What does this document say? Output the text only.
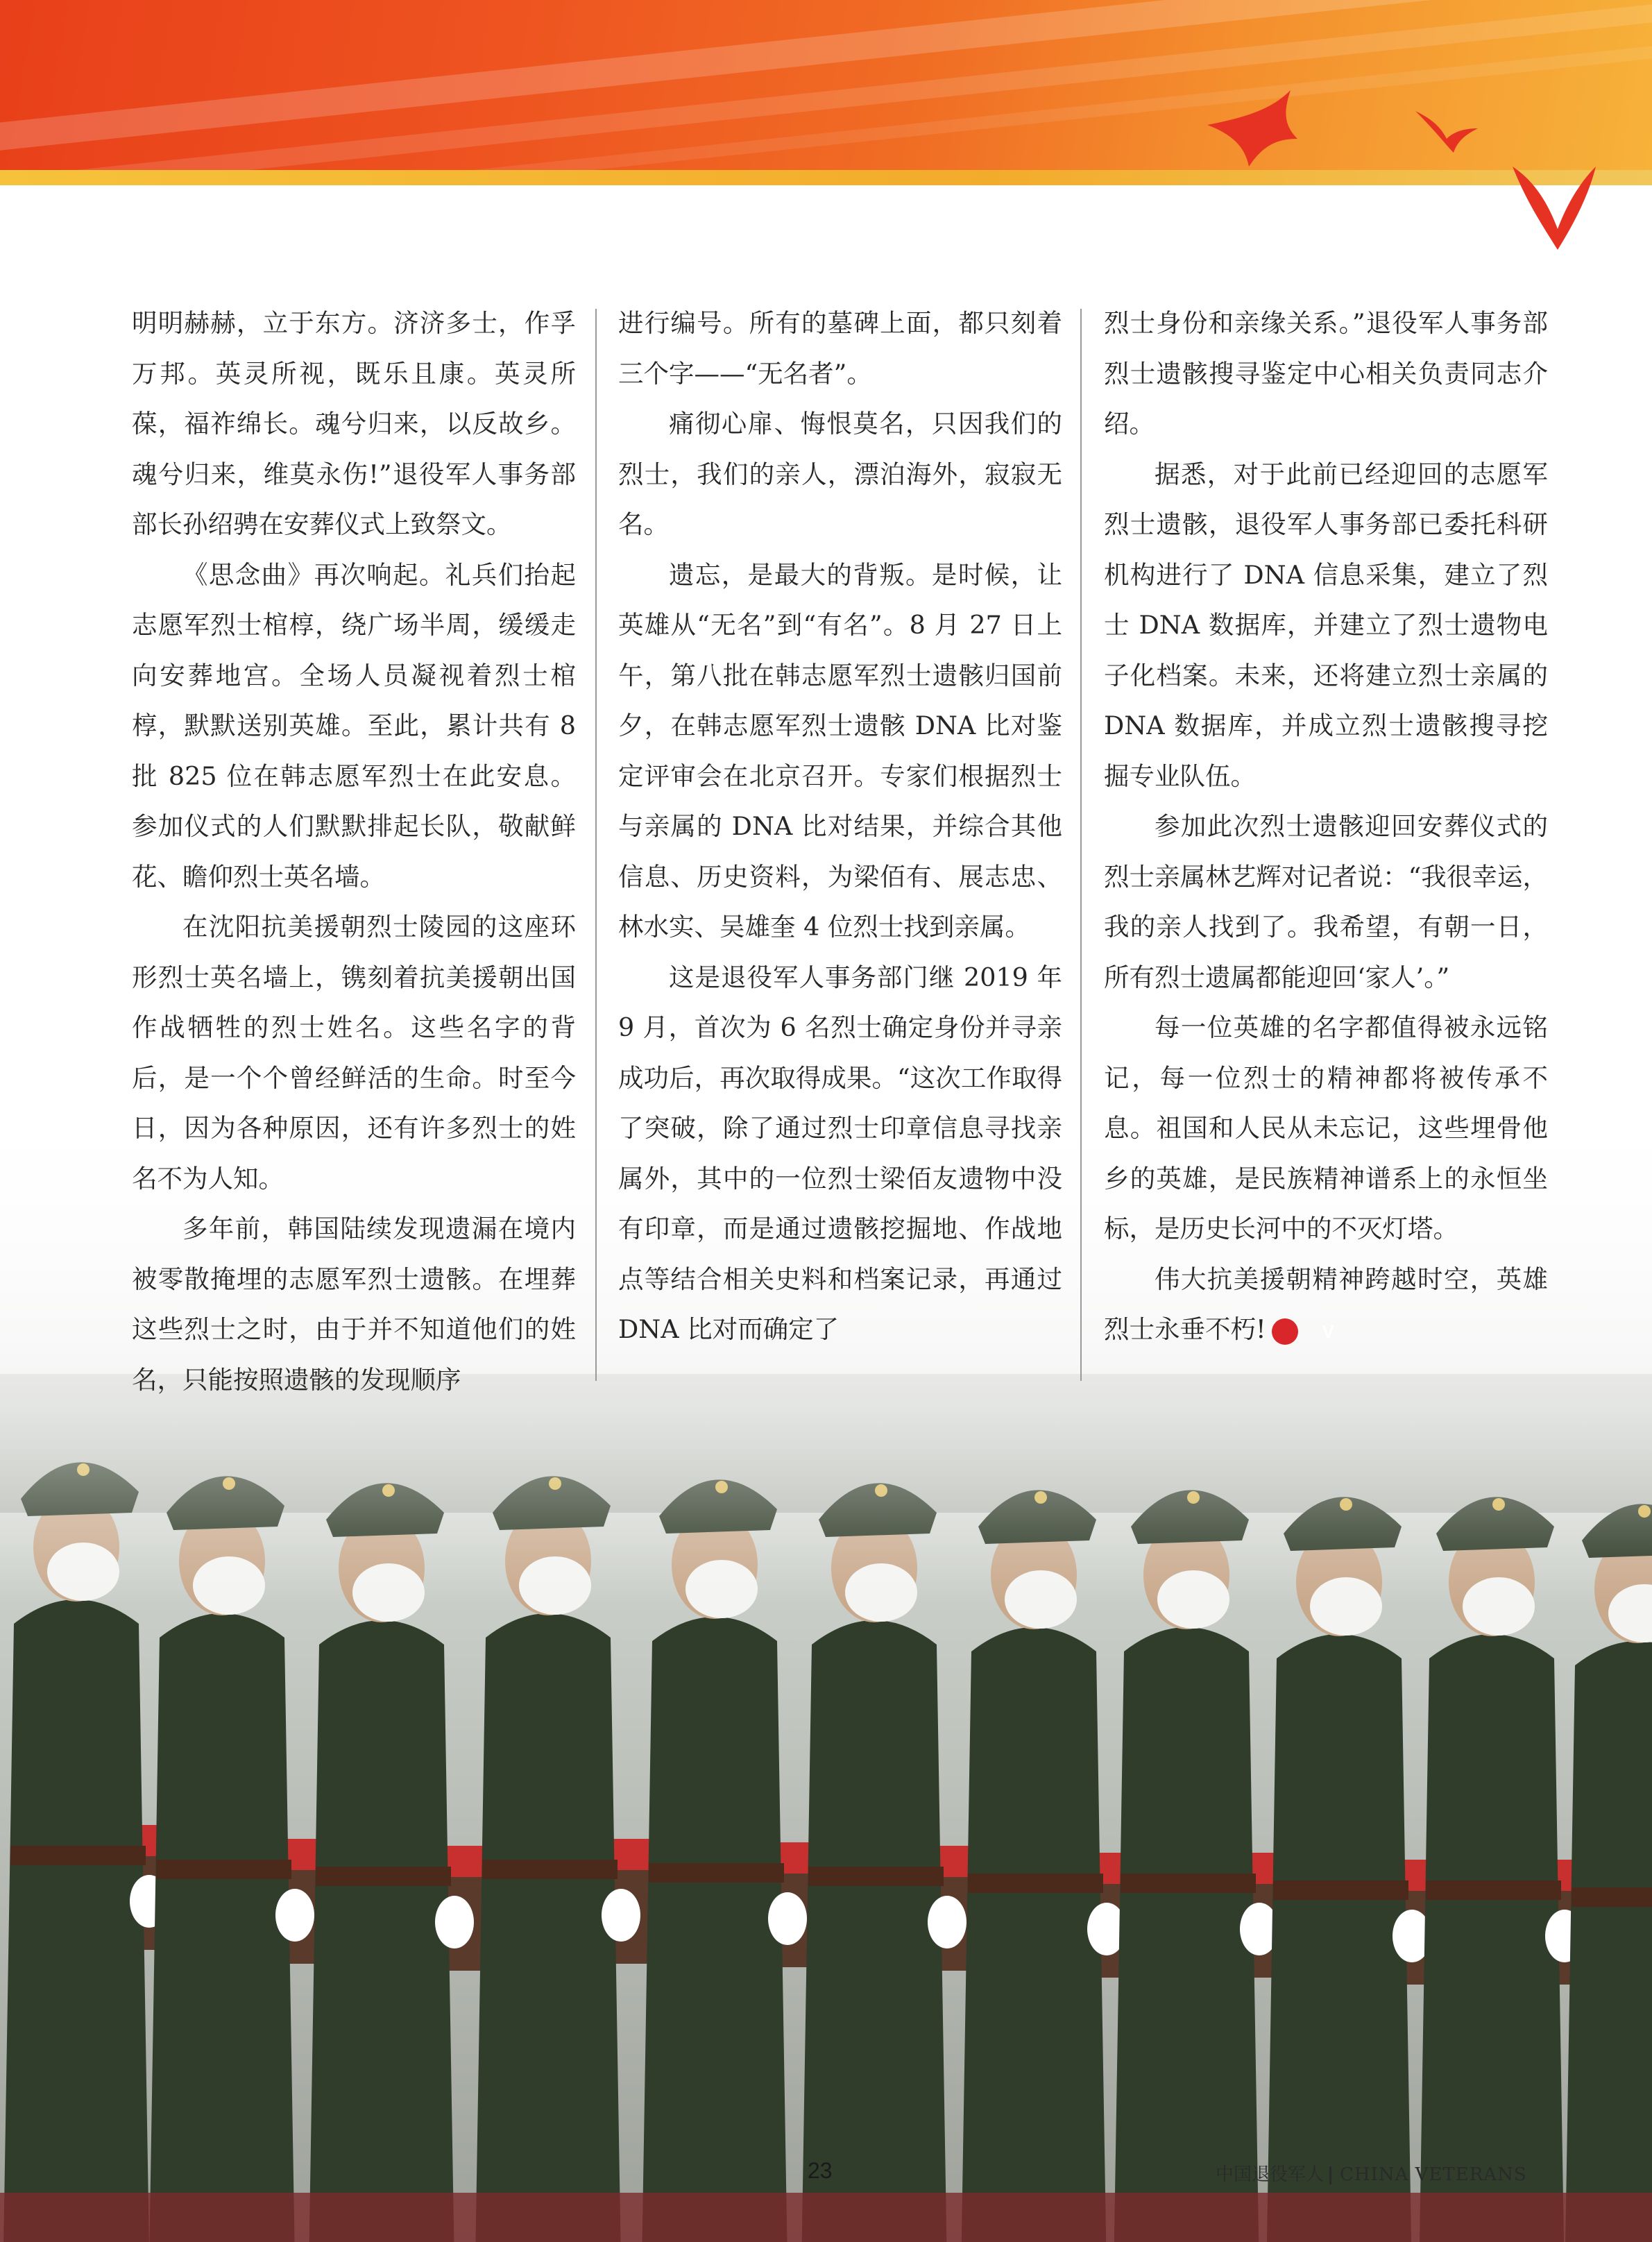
明明赫赫，立于东方。济济多士，作孚万邦。英灵所视，既乐且康。英灵所葆，福祚绵长。魂兮归来，以反故乡。魂兮归来，维莫永伤!”退役军人事务部部长孙绍骋在安葬仪式上致祭文。

《思念曲》再次响起。礼兵们抬起志愿军烈士棺椁，绕广场半周，缓缓走向安葬地宫。全场人员凝视着烈士棺椁，默默送别英雄。至此，累计共有 8 批 825 位在韩志愿军烈士在此安息。参加仪式的人们默默排起长队，敬献鲜花、瞻仰烈士英名墙。

在沈阳抗美援朝烈士陵园的这座环形烈士英名墙上，镌刻着抗美援朝出国作战牺牲的烈士姓名。这些名字的背后，是一个个曾经鲜活的生命。时至今日，因为各种原因，还有许多烈士的姓名不为人知。

多年前，韩国陆续发现遗漏在境内被零散掩埋的志愿军烈士遗骸。在埋葬这些烈士之时，由于并不知道他们的姓名，只能按照遗骸的发现顺序

进行编号。所有的墓碑上面，都只刻着三个字——“无名者”。

痛彻心扉、悔恨莫名，只因我们的烈士，我们的亲人，漂泊海外，寂寂无名。

遗忘，是最大的背叛。是时候，让英雄从“无名”到“有名”。8 月 27 日上午，第八批在韩志愿军烈士遗骸归国前夕，在韩志愿军烈士遗骸 DNA 比对鉴定评审会在北京召开。专家们根据烈士与亲属的 DNA 比对结果，并综合其他信息、历史资料，为梁佰有、展志忠、林水实、吴雄奎 4 位烈士找到亲属。

这是退役军人事务部门继 2019 年 9 月，首次为 6 名烈士确定身份并寻亲成功后，再次取得成果。“这次工作取得了突破，除了通过烈士印章信息寻找亲属外，其中的一位烈士梁佰友遗物中没有印章，而是通过遗骸挖掘地、作战地点等结合相关史料和档案记录，再通过 DNA 比对而确定了

烈士身份和亲缘关系。”退役军人事务部烈士遗骸搜寻鉴定中心相关负责同志介绍。

据悉，对于此前已经迎回的志愿军烈士遗骸，退役军人事务部已委托科研机构进行了 DNA 信息采集，建立了烈士 DNA 数据库，并建立了烈士遗物电子化档案。未来，还将建立烈士亲属的 DNA 数据库，并成立烈士遗骸搜寻挖掘专业队伍。

参加此次烈士遗骸迎回安葬仪式的烈士亲属林艺辉对记者说：“我很幸运，我的亲人找到了。我希望，有朝一日，所有烈士遗属都能迎回‘家人’。”

每一位英雄的名字都值得被永远铭记，每一位烈士的精神都将被传承不息。祖国和人民从未忘记，这些埋骨他乡的英雄，是民族精神谱系上的永恒坐标，是历史长河中的不灭灯塔。

伟大抗美援朝精神跨越时空，英雄烈士永垂不朽!	V

23	中国退役军人 CHINA VETERANS
